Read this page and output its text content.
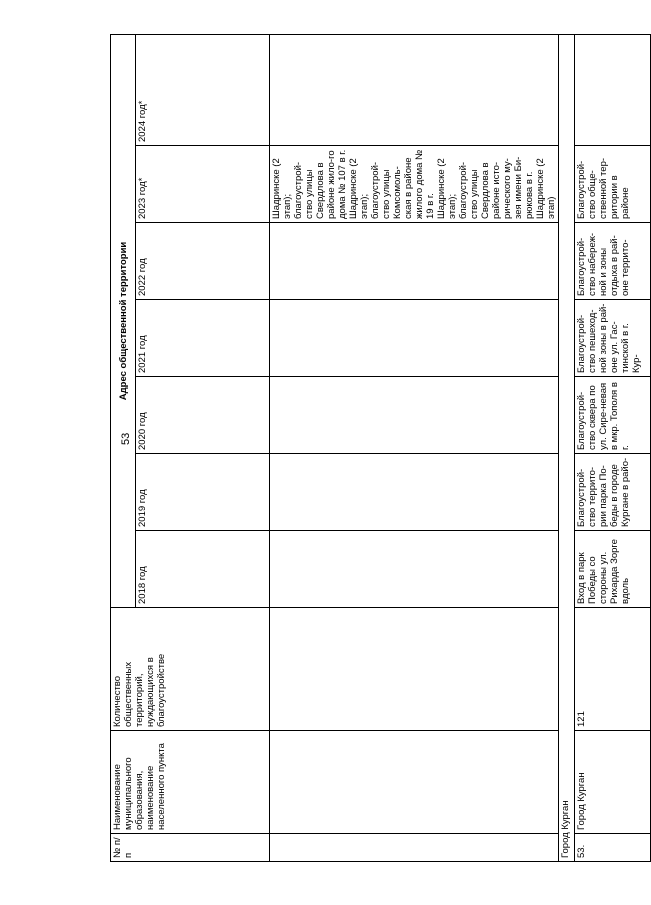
53
№ п/п	Наименование муниципального образования, наименование населенного пункта	Количество общественных территорий, нуждающихся в благоустройстве	Адрес общественной территории						
			2018 год	2019 год	2020 год	2021 год	2022 год	2023 год*	2024 год*
								Шадринске (2 этап); благоустрой-ство улицы Свердлова в районе жило-го дома № 107 в г. Шадринске (2 этап); благоустрой-ство улицы Комсомоль-ская в районе жилого дома № 19 в г. Шадринске (2 этап); благоустрой-ство улицы Свердлова в районе исто-рического му-зея имени Би-рюкова в г. Шадринске (2 этап)	
Город Курган									
53.	Город Курган	121	Вход в парк Победы со стороны ул. Рихарда Зорге вдоль	Благоустрой-ство террито-рии парка По-беды в городе Кургане в райо-	Благоустрой-ство сквера по ул. Сире-невая в мкр. Тополя в г.	Благоустрой-ство пешеход-ной зоны в рай-оне ул. Гас-тинской в г. Кур-	Благоустрой-ство набереж-ной и зоны отдыха в рай-оне террито-	Благоустрой-ство обще-ственной тер-ритории в районе	
